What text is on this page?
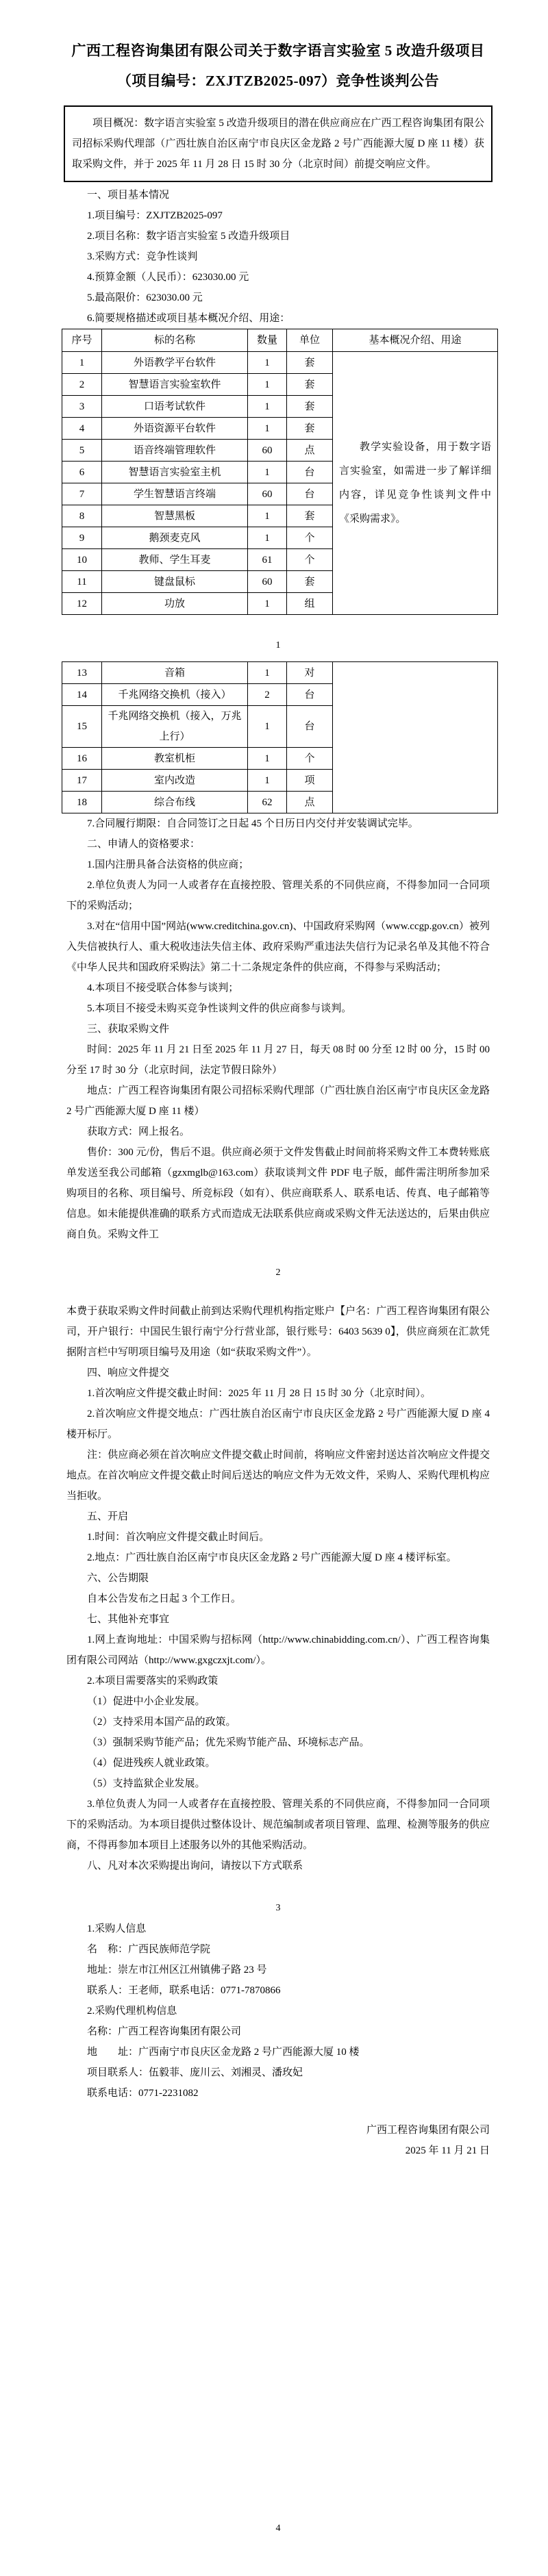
广西工程咨询集团有限公司关于数字语言实验室 5 改造升级项目
（项目编号：ZXJTZB2025-097）竞争性谈判公告

项目概况：数字语言实验室 5 改造升级项目的潜在供应商应在广西工程咨询集团有限公司招标采购代理部（广西壮族自治区南宁市良庆区金龙路 2 号广西能源大厦 D 座 11 楼）获取采购文件，并于 2025 年 11 月 28 日 15 时 30 分（北京时间）前提交响应文件。

一、项目基本情况

1.项目编号：ZXJTZB2025-097

2.项目名称：数字语言实验室 5 改造升级项目

3.采购方式：竞争性谈判

4.预算金额（人民币）：623030.00 元

5.最高限价：623030.00 元

6.简要规格描述或项目基本概况介绍、用途：

序号	标的名称	数量	单位	基本概况介绍、用途
1	外语教学平台软件	1	套	教学实验设备，用于数字语言实验室，如需进一步了解详细内容，详见竞争性谈判文件中《采购需求》。

2	智慧语言实验室软件	1	套	
3	口语考试软件	1	套	
4	外语资源平台软件	1	套	
5	语音终端管理软件	60	点	
6	智慧语言实验室主机	1	台	
7	学生智慧语言终端	60	台	
8	智慧黑板	1	套	
9	鹅颈麦克风	1	个	
10	教师、学生耳麦	61	个	
11	键盘鼠标	60	套	
12	功放	1	组	

1

13	音箱	1	对	
14	千兆网络交换机（接入）	2	台	
15	千兆网络交换机（接入，万兆上行）	1	台	
16	教室机柜	1	个	
17	室内改造	1	项	
18	综合布线	62	点	

7.合同履行期限：自合同签订之日起 45 个日历日内交付并安装调试完毕。

二、申请人的资格要求：

1.国内注册具备合法资格的供应商；

2.单位负责人为同一人或者存在直接控股、管理关系的不同供应商，不得参加同一合同项下的采购活动；

3.对在“信用中国”网站(www.creditchina.gov.cn)、中国政府采购网（www.ccgp.gov.cn）被列入失信被执行人、重大税收违法失信主体、政府采购严重违法失信行为记录名单及其他不符合《中华人民共和国政府采购法》第二十二条规定条件的供应商，不得参与采购活动；

4.本项目不接受联合体参与谈判；

5.本项目不接受未购买竞争性谈判文件的供应商参与谈判。

三、获取采购文件

时间：2025 年 11 月 21 日至 2025 年 11 月 27 日，每天 08 时 00 分至 12 时 00 分，15 时 00 分至 17 时 30 分（北京时间，法定节假日除外）

地点：广西工程咨询集团有限公司招标采购代理部（广西壮族自治区南宁市良庆区金龙路 2 号广西能源大厦 D 座 11 楼）

获取方式：网上报名。

售价：300 元/份，售后不退。供应商必须于文件发售截止时间前将采购文件工本费转账底单发送至我公司邮箱（gzxmglb@163.com）获取谈判文件 PDF 电子版，邮件需注明所参加采购项目的名称、项目编号、所竞标段（如有）、供应商联系人、联系电话、传真、电子邮箱等信息。如未能提供准确的联系方式而造成无法联系供应商或采购文件无法送达的，后果由供应商自负。采购文件工

2

本费于获取采购文件时间截止前到达采购代理机构指定账户【户名：广西工程咨询集团有限公司，开户银行：中国民生银行南宁分行营业部，银行账号：6403 5639 0】，供应商须在汇款凭据附言栏中写明项目编号及用途（如“获取采购文件”）。

四、响应文件提交

1.首次响应文件提交截止时间：2025 年 11 月 28 日 15 时 30 分（北京时间）。

2.首次响应文件提交地点：广西壮族自治区南宁市良庆区金龙路 2 号广西能源大厦 D 座 4 楼开标厅。

注：供应商必须在首次响应文件提交截止时间前，将响应文件密封送达首次响应文件提交地点。在首次响应文件提交截止时间后送达的响应文件为无效文件，采购人、采购代理机构应当拒收。

五、开启

1.时间：首次响应文件提交截止时间后。

2.地点：广西壮族自治区南宁市良庆区金龙路 2 号广西能源大厦 D 座 4 楼评标室。

六、公告期限

自本公告发布之日起 3 个工作日。

七、其他补充事宜

1.网上查询地址：中国采购与招标网（http://www.chinabidding.com.cn/）、广西工程咨询集团有限公司网站（http://www.gxgczxjt.com/）。

2.本项目需要落实的采购政策

（1）促进中小企业发展。

（2）支持采用本国产品的政策。

（3）强制采购节能产品；优先采购节能产品、环境标志产品。

（4）促进残疾人就业政策。

（5）支持监狱企业发展。

3.单位负责人为同一人或者存在直接控股、管理关系的不同供应商，不得参加同一合同项下的采购活动。为本项目提供过整体设计、规范编制或者项目管理、监理、检测等服务的供应商，不得再参加本项目上述服务以外的其他采购活动。

八、凡对本次采购提出询问，请按以下方式联系

3

1.采购人信息

名　称：广西民族师范学院

地址：崇左市江州区江州镇佛子路 23 号

联系人：王老师，联系电话：0771-7870866

2.采购代理机构信息

名称：广西工程咨询集团有限公司

地　　址：广西南宁市良庆区金龙路 2 号广西能源大厦 10 楼

项目联系人：伍毅菲、庞川云、刘湘灵、潘玫妃

联系电话：0771-2231082

广西工程咨询集团有限公司

2025 年 11 月 21 日

4
